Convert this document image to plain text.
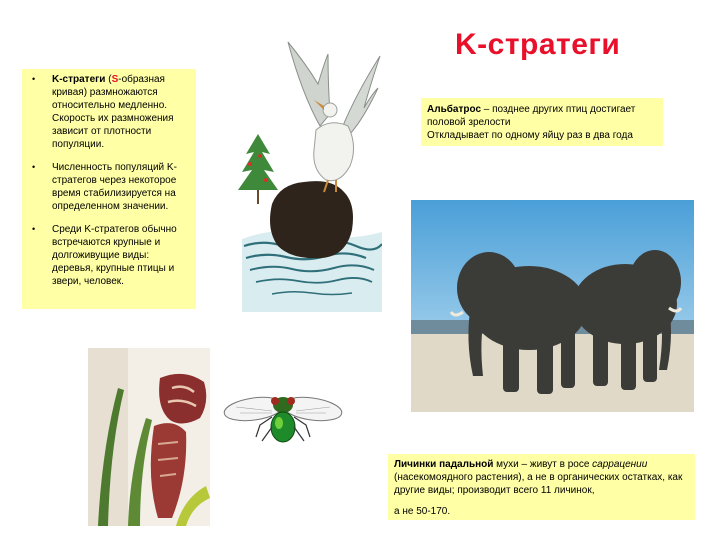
K-стратеги
• K-стратеги (S-образная кривая) размножаются относительно медленно. Скорость их размножения зависит от плотности популяции.
• Численность популяций K-стратегов через некоторое время стабилизируется на определенном значении.
• Среди K-стратегов обычно встречаются крупные и долгоживущие виды: деревья, крупные птицы и звери, человек.
Альбатрос – позднее других птиц достигает половой зрелости
Откладывает по одному яйцу раз в два года
Личинки падальной мухи – живут в росе саррацении (насекомоядного растения), а не в органических остатках, как другие виды; производит всего 11 личинок,
а не 50-170.
